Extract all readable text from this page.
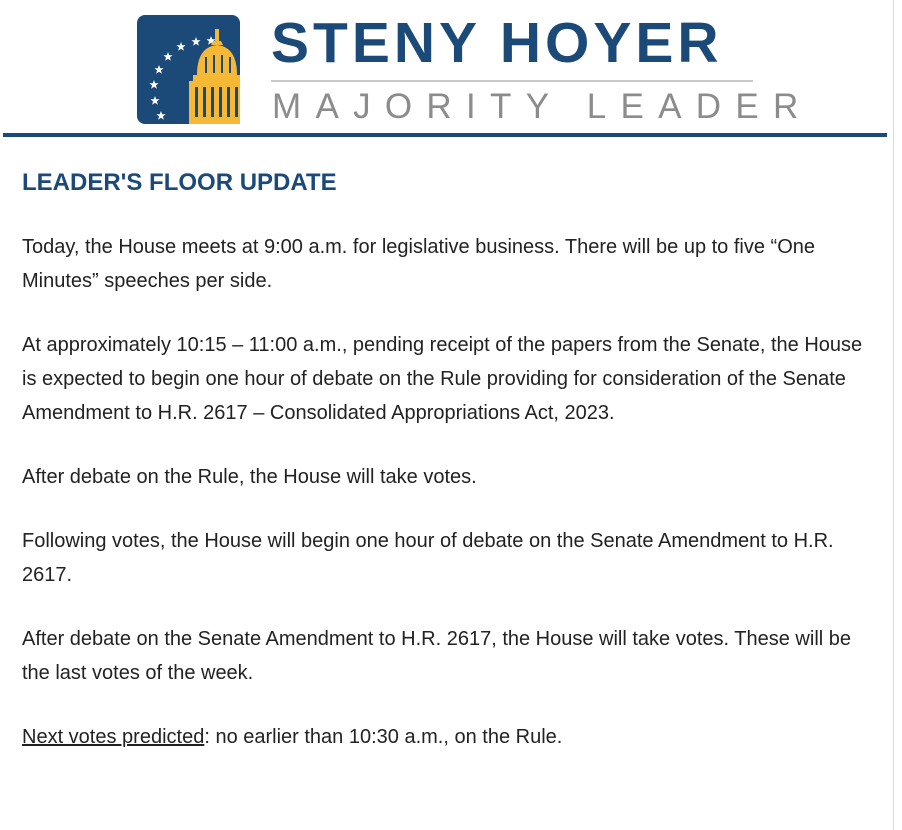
STENY HOYER
MAJORITY LEADER
LEADER'S FLOOR UPDATE

Today, the House meets at 9:00 a.m. for legislative business. There will be up to five “One Minutes” speeches per side.

At approximately 10:15 – 11:00 a.m., pending receipt of the papers from the Senate, the House is expected to begin one hour of debate on the Rule providing for consideration of the Senate Amendment to H.R. 2617 – Consolidated Appropriations Act, 2023.

After debate on the Rule, the House will take votes.

Following votes, the House will begin one hour of debate on the Senate Amendment to H.R. 2617.

After debate on the Senate Amendment to H.R. 2617, the House will take votes. These will be the last votes of the week.

Next votes predicted: no earlier than 10:30 a.m., on the Rule.
